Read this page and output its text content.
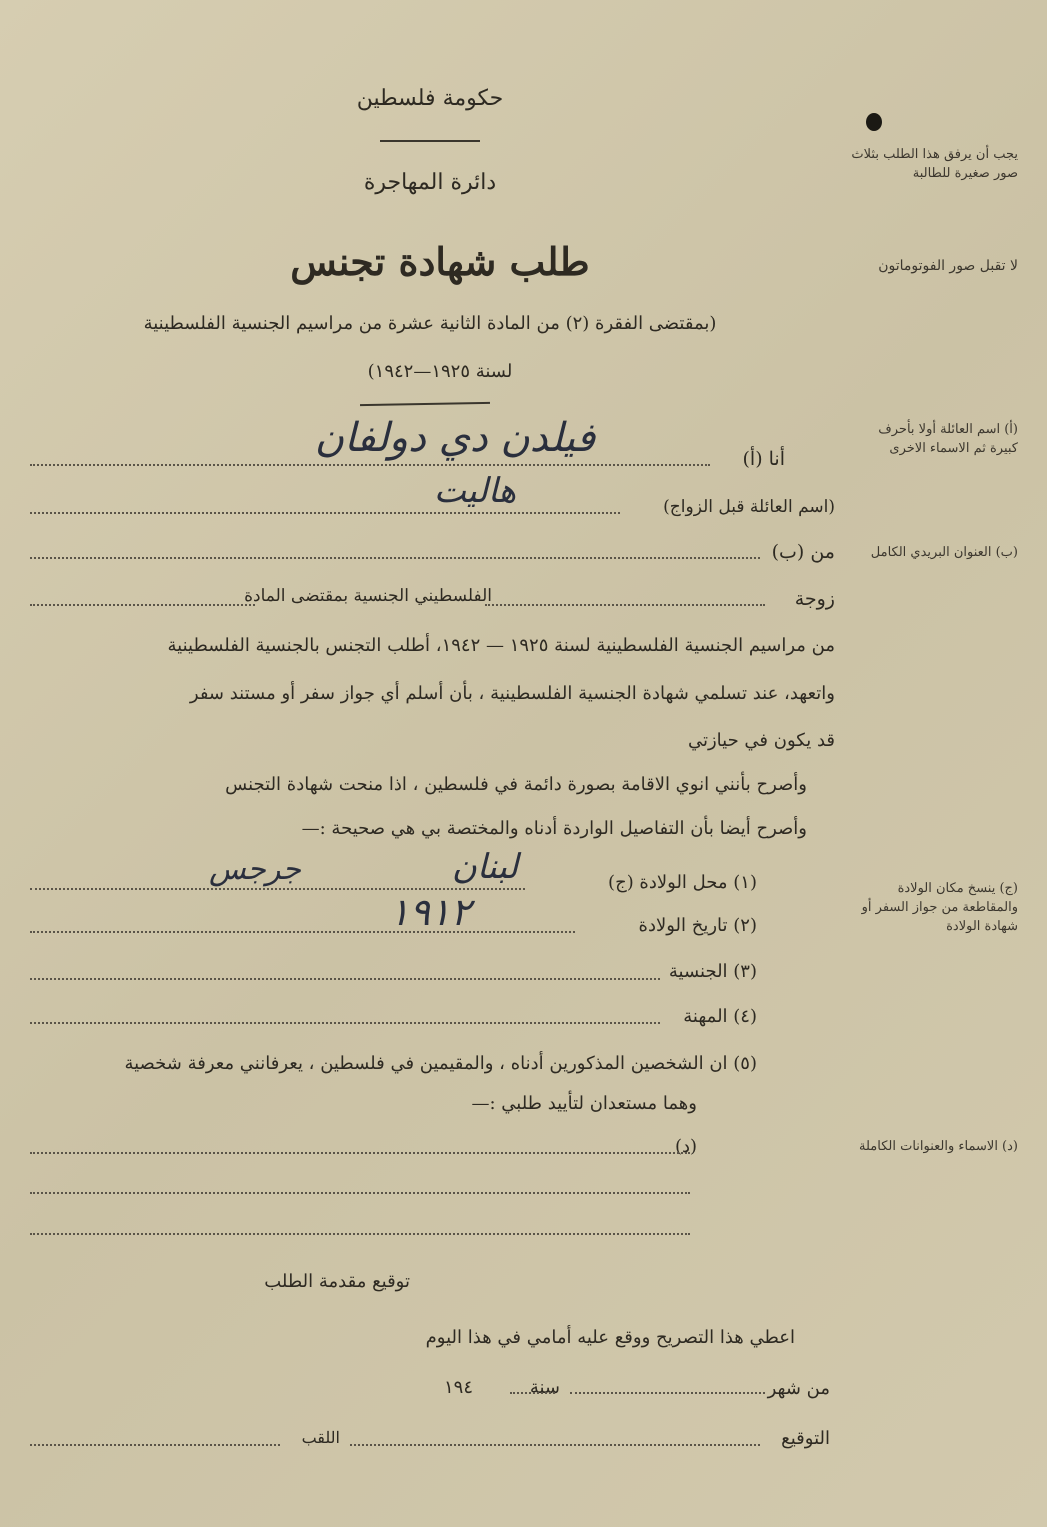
حكومة فلسطين
دائرة المهاجرة
طلب شهادة تجنس
(بمقتضى الفقرة (٢) من المادة الثانية عشرة من مراسيم الجنسية الفلسطينية
لسنة ١٩٢٥—١٩٤٢)
يجب أن يرفق هذا الطلب بثلاث صور صغيرة للطالبة
لا تقبل صور الفوتوماتون
(أ) اسم العائلة أولا بأحرف كبيرة ثم الاسماء الاخرى
(ب) العنوان البريدي الكامل
(ج) ينسخ مكان الولادة والمقاطعة من جواز السفر أو شهادة الولادة
(د) الاسماء والعنوانات الكاملة
أنا (أ)
فيلدن دي دولفان
(اسم العائلة قبل الزواج)
هاليت
من (ب)
زوجة
الفلسطيني الجنسية بمقتضى المادة
من مراسيم الجنسية الفلسطينية لسنة ١٩٢٥ — ١٩٤٢، أطلب التجنس بالجنسية الفلسطينية
واتعهد، عند تسلمي شهادة الجنسية الفلسطينية ، بأن أسلم أي جواز سفر أو مستند سفر
قد يكون في حيازتي
وأصرح بأنني انوي الاقامة بصورة دائمة في فلسطين ، اذا منحت شهادة التجنس
وأصرح أيضا بأن التفاصيل الواردة أدناه والمختصة بي هي صحيحة :—
(١) محل الولادة (ج)
لبنان
جرجس
(٢) تاريخ الولادة
١٩١٢
(٣) الجنسية
(٤) المهنة
(٥) ان الشخصين المذكورين أدناه ، والمقيمين في فلسطين ، يعرفانني معرفة شخصية
وهما مستعدان لتأييد طلبي :—
(د)
توقيع مقدمة الطلب
اعطي هذا التصريح ووقع عليه أمامي في هذا اليوم
من شهر
سنة
١٩٤
التوقيع
اللقب
